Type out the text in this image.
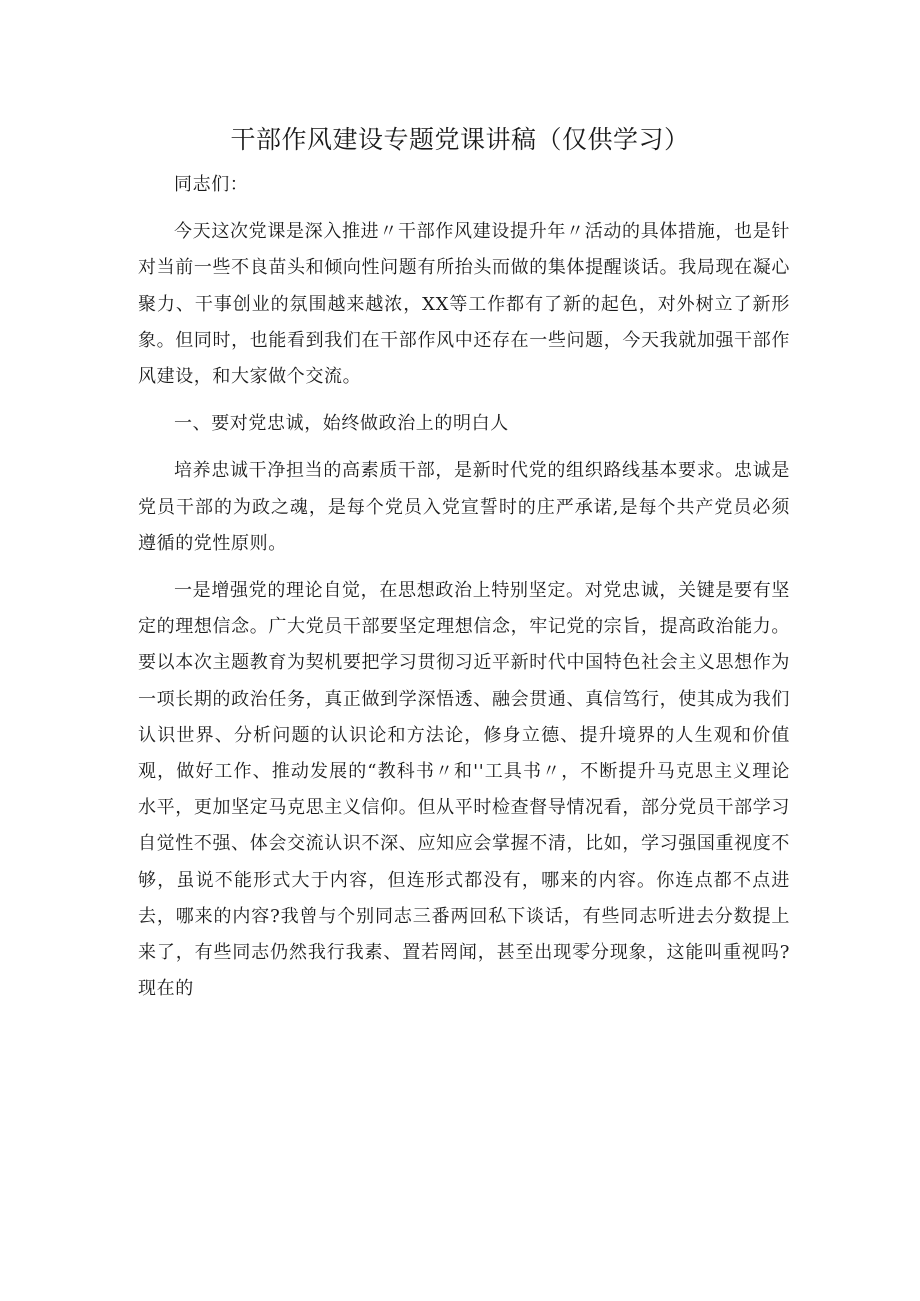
干部作风建设专题党课讲稿（仅供学习）

同志们：

今天这次党课是深入推进〃干部作风建设提升年〃活动的具体措施，也是针对当前一些不良苗头和倾向性问题有所抬头而做的集体提醒谈话。我局现在凝心聚力、干事创业的氛围越来越浓，XX等工作都有了新的起色，对外树立了新形象。但同时，也能看到我们在干部作风中还存在一些问题，今天我就加强干部作风建设，和大家做个交流。

一、要对党忠诚，始终做政治上的明白人

培养忠诚干净担当的高素质干部，是新时代党的组织路线基本要求。忠诚是党员干部的为政之魂，是每个党员入党宣誓时的庄严承诺,是每个共产党员必须遵循的党性原则。

一是增强党的理论自觉，在思想政治上特别坚定。对党忠诚，关键是要有坚定的理想信念。广大党员干部要坚定理想信念，牢记党的宗旨，提高政治能力。要以本次主题教育为契机要把学习贯彻习近平新时代中国特色社会主义思想作为一项长期的政治任务，真正做到学深悟透、融会贯通、真信笃行，使其成为我们认识世界、分析问题的认识论和方法论，修身立德、提升境界的人生观和价值观，做好工作、推动发展的“教科书〃和''工具书〃，不断提升马克思主义理论水平，更加坚定马克思主义信仰。但从平时检查督导情况看，部分党员干部学习自觉性不强、体会交流认识不深、应知应会掌握不清，比如，学习强国重视度不够，虽说不能形式大于内容，但连形式都没有，哪来的内容。你连点都不点进去，哪来的内容?我曾与个别同志三番两回私下谈话，有些同志听进去分数提上来了，有些同志仍然我行我素、置若罔闻，甚至出现零分现象，这能叫重视吗?现在的
